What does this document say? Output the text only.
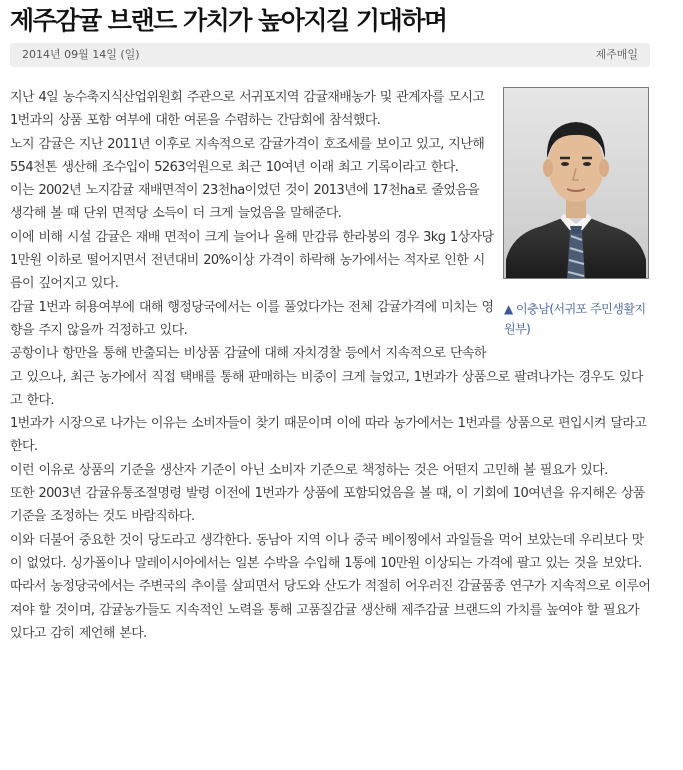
제주감귤 브랜드 가치가 높아지길 기대하며
2014년 09월 14일 (일)	제주매일
▲ 이충남(서귀포 주민생활지원부)

지난 4일 농수축지식산업위원회 주관으로 서귀포지역 감귤재배농가 및 관계자를 모시고 1번과의 상품 포함 여부에 대한 여론을 수렴하는 간담회에 참석했다.

노지 감귤은 지난 2011년 이후로 지속적으로 감귤가격이 호조세를 보이고 있고, 지난해 554천톤 생산해 조수입이 5263억원으로 최근 10여년 이래 최고 기록이라고 한다.

이는 2002년 노지감귤 재배면적이 23천ha이었던 것이 2013년에 17천ha로 줄었음을 생각해 볼 때 단위 면적당 소득이 더 크게 늘었음을 말해준다.

이에 비해 시설 감귤은 재배 면적이 크게 늘어나 올해 만감류 한라봉의 경우 3kg 1상자당 1만원 이하로 떨어지면서 전년대비 20%이상 가격이 하락해 농가에서는 적자로 인한 시름이 깊어지고 있다.

감귤 1번과 허용여부에 대해 행정당국에서는 이를 풀었다가는 전체 감귤가격에 미치는 영향을 주지 않을까 걱정하고 있다.

공항이나 항만을 통해 반출되는 비상품 감귤에 대해 자치경찰 등에서 지속적으로 단속하고 있으나, 최근 농가에서 직접 택배를 통해 판매하는 비중이 크게 늘었고, 1번과가 상품으로 팔려나가는 경우도 있다고 한다.

1번과가 시장으로 나가는 이유는 소비자들이 찾기 때문이며 이에 따라 농가에서는 1번과를 상품으로 편입시켜 달라고 한다.

이런 이유로 상품의 기준을 생산자 기준이 아닌 소비자 기준으로 책정하는 것은 어떤지 고민해 볼 필요가 있다.

또한 2003년 감귤유통조절명령 발령 이전에 1번과가 상품에 포함되었음을 볼 때, 이 기회에 10여년을 유지해온 상품기준을 조정하는 것도 바람직하다.

이와 더불어 중요한 것이 당도라고 생각한다. 동남아 지역 이나 중국 베이찡에서 과일들을 먹어 보았는데 우리보다 맛이 없었다. 싱가폴이나 말레이시아에서는 일본 수박을 수입해 1통에 10만원 이상되는 가격에 팔고 있는 것을 보았다.

따라서 농정당국에서는 주변국의 추이를 살피면서 당도와 산도가 적절히 어우러진 감귤품종 연구가 지속적으로 이루어져야 할 것이며, 감귤농가들도 지속적인 노력을 통해 고품질감귤 생산해 제주감귤 브랜드의 가치를 높여야 할 필요가 있다고 감히 제언해 본다.
